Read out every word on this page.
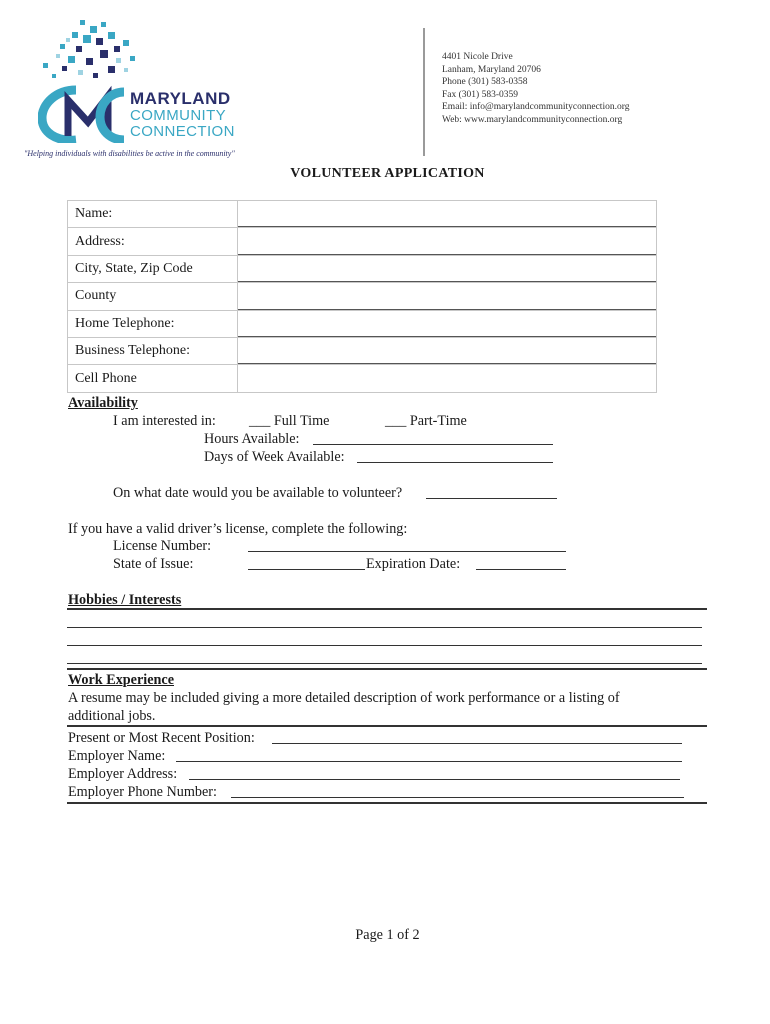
MARYLAND
COMMUNITY
CONNECTION
"Helping individuals with disabilities be active in the community"
4401 Nicole Drive
Lanham, Maryland 20706
Phone (301) 583-0358
Fax (301) 583-0359
Email: info@marylandcommunityconnection.org
Web: www.marylandcommunityconnection.org
VOLUNTEER APPLICATION
Name:	

Address:	

City, State, Zip Code	

County	

Home Telephone:	

Business Telephone:	

Cell Phone	
Availability
I am interested in: ___ Full Time	___ Part-Time
Hours Available:
Days of Week Available:
On what date would you be available to volunteer?
If you have a valid driver’s license, complete the following:
License Number:
State of Issue:	Expiration Date:
Hobbies / Interests
Work Experience
A resume may be included giving a more detailed description of work performance or a listing of
additional jobs.
Present or Most Recent Position:
Employer Name:
Employer Address:
Employer Phone Number:
Page 1 of 2
